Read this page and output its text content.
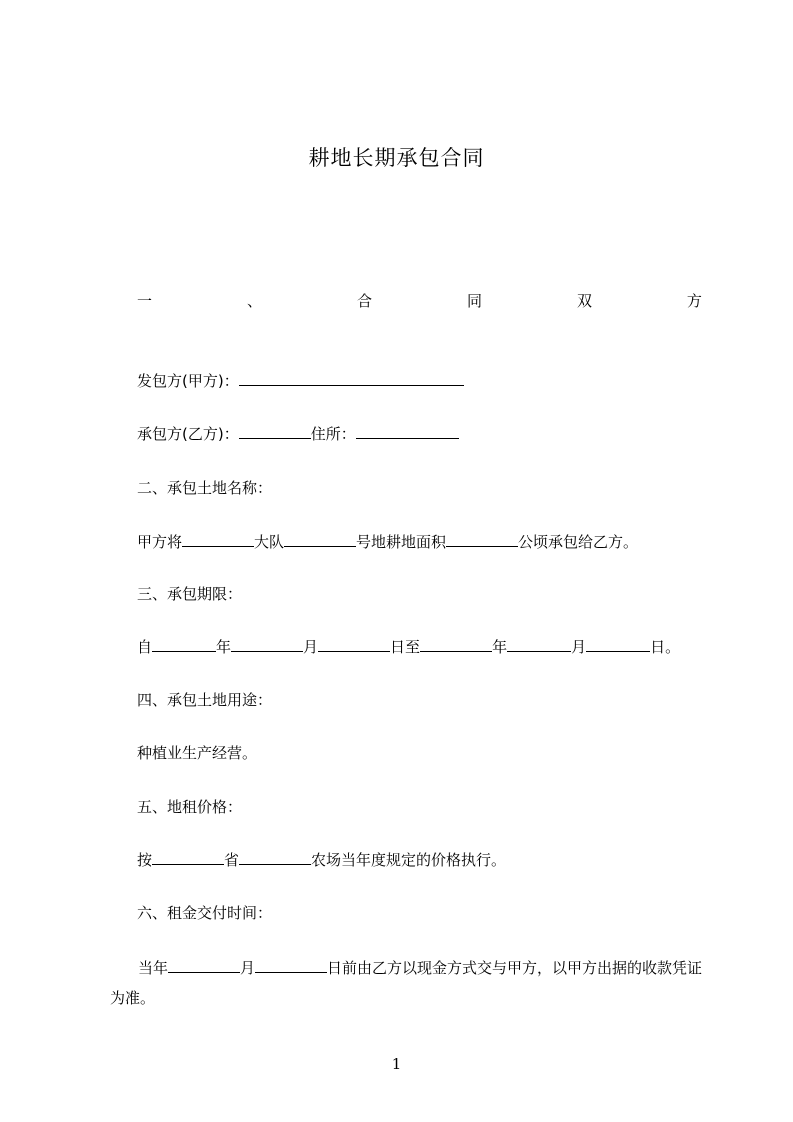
耕地长期承包合同
一	、	合	同	双	方
发包方(甲方)：
承包方(乙方)：	住所：
二、承包土地名称：
甲方将	大队	号地耕地面积	公顷承包给乙方。
三、承包期限：
自	年	月	日至	年	月	日。
四、承包土地用途：
种植业生产经营。
五、地租价格：
按	省	农场当年度规定的价格执行。
六、租金交付时间：
当年	月	日前由乙方以现金方式交与甲方，以甲方出据的收款凭证为准。
1
